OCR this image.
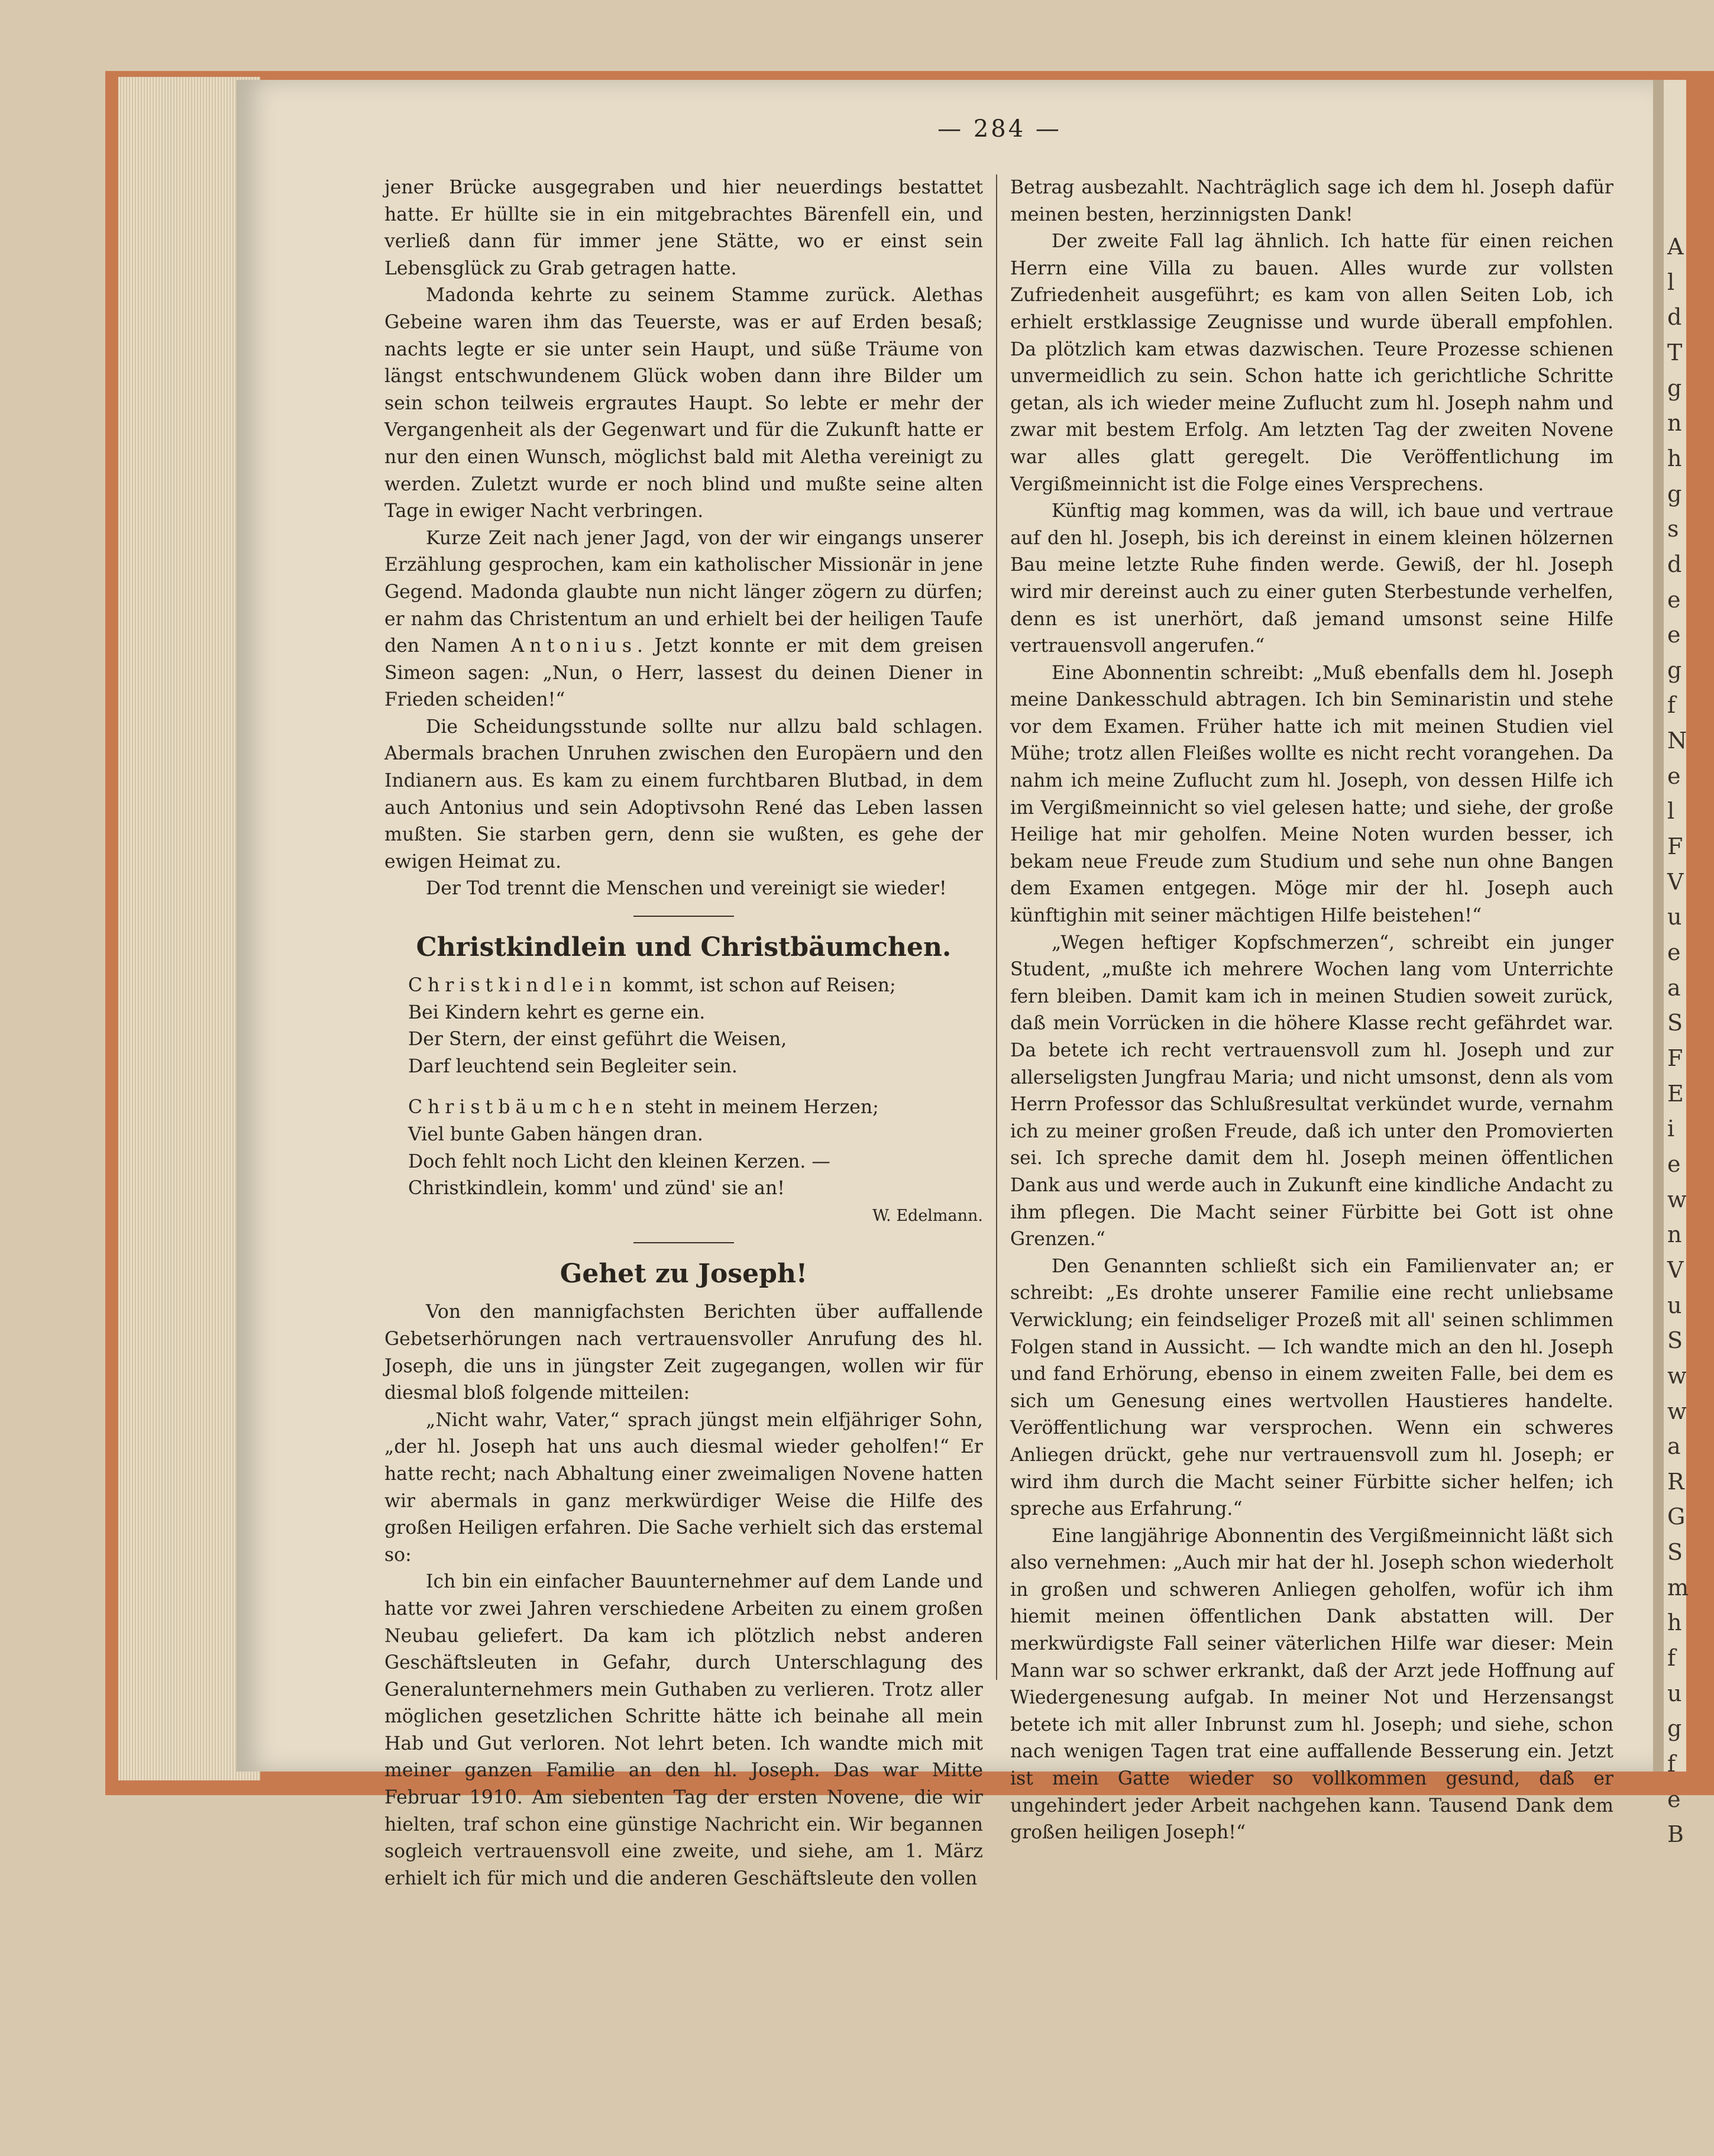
A
l
d
T
g
n
h
g
s
d
e
e
g
f
N
e
l
F
V
u
e
a
S
F
E
i
e
w
n
V
u
S
w
w
a
R
G
S
m
h
f
u
g
f
e
B
— 284 —

jener Brücke ausgegraben und hier neuerdings bestattet hatte. Er hüllte sie in ein mitgebrachtes Bärenfell ein, und verließ dann für immer jene Stätte, wo er einst sein Lebensglück zu Grab getragen hatte.

Madonda kehrte zu seinem Stamme zurück. Alethas Gebeine waren ihm das Teuerste, was er auf Erden besaß; nachts legte er sie unter sein Haupt, und süße Träume von längst entschwundenem Glück woben dann ihre Bilder um sein schon teilweis ergrautes Haupt. So lebte er mehr der Vergangenheit als der Gegenwart und für die Zukunft hatte er nur den einen Wunsch, möglichst bald mit Aletha vereinigt zu werden. Zuletzt wurde er noch blind und mußte seine alten Tage in ewiger Nacht verbringen.

Kurze Zeit nach jener Jagd, von der wir eingangs unserer Erzählung gesprochen, kam ein katholischer Missionär in jene Gegend. Madonda glaubte nun nicht länger zögern zu dürfen; er nahm das Christentum an und erhielt bei der heiligen Taufe den Namen Antonius. Jetzt konnte er mit dem greisen Simeon sagen: „Nun, o Herr, lassest du deinen Diener in Frieden scheiden!“

Die Scheidungsstunde sollte nur allzu bald schlagen. Abermals brachen Unruhen zwischen den Europäern und den Indianern aus. Es kam zu einem furchtbaren Blutbad, in dem auch Antonius und sein Adoptivsohn René das Leben lassen mußten. Sie starben gern, denn sie wußten, es gehe der ewigen Heimat zu.

Der Tod trennt die Menschen und vereinigt sie wieder!

Christkindlein und Christbäumchen.
Christkindlein kommt, ist schon auf Reisen;
Bei Kindern kehrt es gerne ein.
Der Stern, der einst geführt die Weisen,
Darf leuchtend sein Begleiter sein.
Christbäumchen steht in meinem Herzen;
Viel bunte Gaben hängen dran.
Doch fehlt noch Licht den kleinen Kerzen. —
Christkindlein, komm' und zünd' sie an!
W. Edelmann.
Gehet zu Joseph!

Von den mannigfachsten Berichten über auffallende Gebetserhörungen nach vertrauensvoller Anrufung des hl. Joseph, die uns in jüngster Zeit zugegangen, wollen wir für diesmal bloß folgende mitteilen:

„Nicht wahr, Vater,“ sprach jüngst mein elfjähriger Sohn, „der hl. Joseph hat uns auch diesmal wieder geholfen!“ Er hatte recht; nach Abhaltung einer zweimaligen Novene hatten wir abermals in ganz merkwürdiger Weise die Hilfe des großen Heiligen erfahren. Die Sache verhielt sich das erstemal so:

Ich bin ein einfacher Bauunternehmer auf dem Lande und hatte vor zwei Jahren verschiedene Arbeiten zu einem großen Neubau geliefert. Da kam ich plötzlich nebst anderen Geschäftsleuten in Gefahr, durch Unterschlagung des Generalunternehmers mein Guthaben zu verlieren. Trotz aller möglichen gesetzlichen Schritte hätte ich beinahe all mein Hab und Gut verloren. Not lehrt beten. Ich wandte mich mit meiner ganzen Familie an den hl. Joseph. Das war Mitte Februar 1910. Am siebenten Tag der ersten Novene, die wir hielten, traf schon eine günstige Nachricht ein. Wir begannen sogleich vertrauensvoll eine zweite, und siehe, am 1. März erhielt ich für mich und die anderen Geschäftsleute den vollen

Betrag ausbezahlt. Nachträglich sage ich dem hl. Joseph dafür meinen besten, herzinnigsten Dank!

Der zweite Fall lag ähnlich. Ich hatte für einen reichen Herrn eine Villa zu bauen. Alles wurde zur vollsten Zufriedenheit ausgeführt; es kam von allen Seiten Lob, ich erhielt erstklassige Zeugnisse und wurde überall empfohlen. Da plötzlich kam etwas dazwischen. Teure Prozesse schienen unvermeidlich zu sein. Schon hatte ich gerichtliche Schritte getan, als ich wieder meine Zuflucht zum hl. Joseph nahm und zwar mit bestem Erfolg. Am letzten Tag der zweiten Novene war alles glatt geregelt. Die Veröffentlichung im Vergißmeinnicht ist die Folge eines Versprechens.

Künftig mag kommen, was da will, ich baue und vertraue auf den hl. Joseph, bis ich dereinst in einem kleinen hölzernen Bau meine letzte Ruhe finden werde. Gewiß, der hl. Joseph wird mir dereinst auch zu einer guten Sterbestunde verhelfen, denn es ist unerhört, daß jemand umsonst seine Hilfe vertrauensvoll angerufen.“

Eine Abonnentin schreibt: „Muß ebenfalls dem hl. Joseph meine Dankesschuld abtragen. Ich bin Seminaristin und stehe vor dem Examen. Früher hatte ich mit meinen Studien viel Mühe; trotz allen Fleißes wollte es nicht recht vorangehen. Da nahm ich meine Zuflucht zum hl. Joseph, von dessen Hilfe ich im Vergißmeinnicht so viel gelesen hatte; und siehe, der große Heilige hat mir geholfen. Meine Noten wurden besser, ich bekam neue Freude zum Studium und sehe nun ohne Bangen dem Examen entgegen. Möge mir der hl. Joseph auch künftighin mit seiner mächtigen Hilfe beistehen!“

„Wegen heftiger Kopfschmerzen“, schreibt ein junger Student, „mußte ich mehrere Wochen lang vom Unterrichte fern bleiben. Damit kam ich in meinen Studien soweit zurück, daß mein Vorrücken in die höhere Klasse recht gefährdet war. Da betete ich recht vertrauensvoll zum hl. Joseph und zur allerseligsten Jungfrau Maria; und nicht umsonst, denn als vom Herrn Professor das Schlußresultat verkündet wurde, vernahm ich zu meiner großen Freude, daß ich unter den Promovierten sei. Ich spreche damit dem hl. Joseph meinen öffentlichen Dank aus und werde auch in Zukunft eine kindliche Andacht zu ihm pflegen. Die Macht seiner Fürbitte bei Gott ist ohne Grenzen.“

Den Genannten schließt sich ein Familienvater an; er schreibt: „Es drohte unserer Familie eine recht unliebsame Verwicklung; ein feindseliger Prozeß mit all' seinen schlimmen Folgen stand in Aussicht. — Ich wandte mich an den hl. Joseph und fand Erhörung, ebenso in einem zweiten Falle, bei dem es sich um Genesung eines wertvollen Haustieres handelte. Veröffentlichung war versprochen. Wenn ein schweres Anliegen drückt, gehe nur vertrauensvoll zum hl. Joseph; er wird ihm durch die Macht seiner Fürbitte sicher helfen; ich spreche aus Erfahrung.“

Eine langjährige Abonnentin des Vergißmeinnicht läßt sich also vernehmen: „Auch mir hat der hl. Joseph schon wiederholt in großen und schweren Anliegen geholfen, wofür ich ihm hiemit meinen öffentlichen Dank abstatten will. Der merkwürdigste Fall seiner väterlichen Hilfe war dieser: Mein Mann war so schwer erkrankt, daß der Arzt jede Hoffnung auf Wiedergenesung aufgab. In meiner Not und Herzensangst betete ich mit aller Inbrunst zum hl. Joseph; und siehe, schon nach wenigen Tagen trat eine auffallende Besserung ein. Jetzt ist mein Gatte wieder so vollkommen gesund, daß er ungehindert jeder Arbeit nachgehen kann. Tausend Dank dem großen heiligen Joseph!“
